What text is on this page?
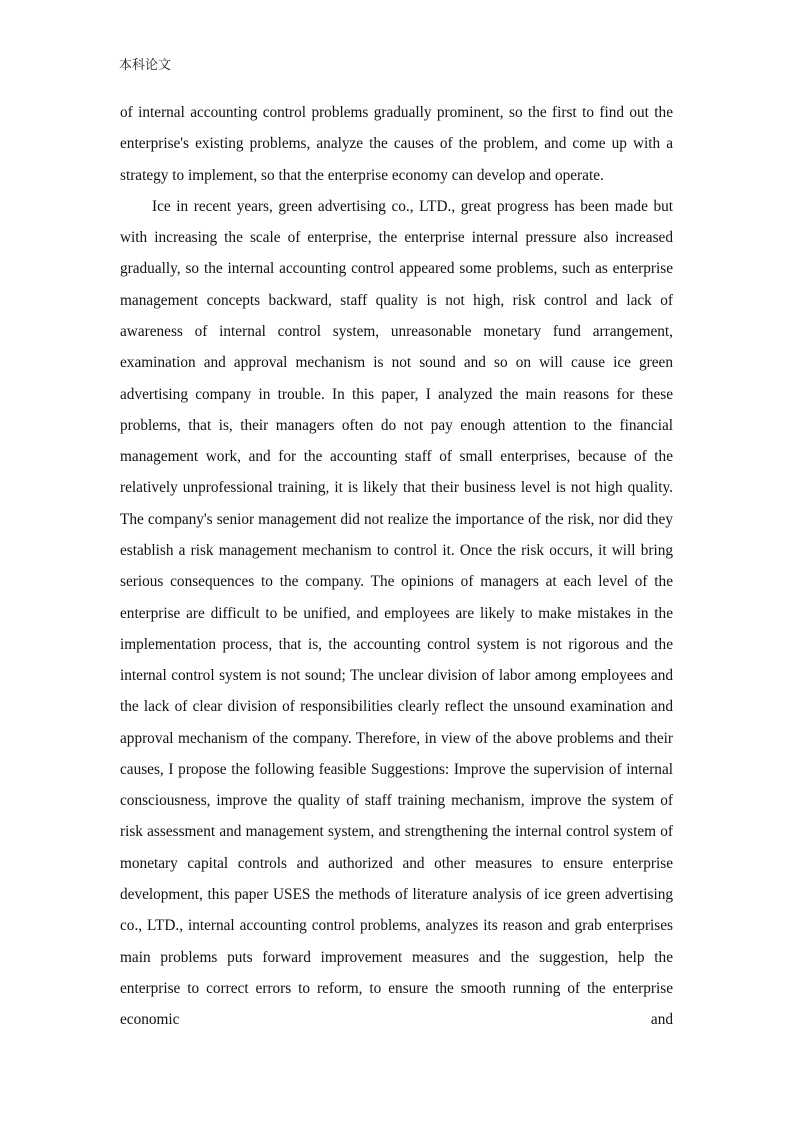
本科论文

of internal accounting control problems gradually prominent, so the first to find out the enterprise's existing problems, analyze the causes of the problem, and come up with a strategy to implement, so that the enterprise economy can develop and operate.

Ice in recent years, green advertising co., LTD., great progress has been made but with increasing the scale of enterprise, the enterprise internal pressure also increased gradually, so the internal accounting control appeared some problems, such as enterprise management concepts backward, staff quality is not high, risk control and lack of awareness of internal control system, unreasonable monetary fund arrangement, examination and approval mechanism is not sound and so on will cause ice green advertising company in trouble. In this paper, I analyzed the main reasons for these problems, that is, their managers often do not pay enough attention to the financial management work, and for the accounting staff of small enterprises, because of the relatively unprofessional training, it is likely that their business level is not high quality. The company's senior management did not realize the importance of the risk, nor did they establish a risk management mechanism to control it. Once the risk occurs, it will bring serious consequences to the company. The opinions of managers at each level of the enterprise are difficult to be unified, and employees are likely to make mistakes in the implementation process, that is, the accounting control system is not rigorous and the internal control system is not sound; The unclear division of labor among employees and the lack of clear division of responsibilities clearly reflect the unsound examination and approval mechanism of the company. Therefore, in view of the above problems and their causes, I propose the following feasible Suggestions: Improve the supervision of internal consciousness, improve the quality of staff training mechanism, improve the system of risk assessment and management system, and strengthening the internal control system of monetary capital controls and authorized and other measures to ensure enterprise development, this paper USES the methods of literature analysis of ice green advertising co., LTD., internal accounting control problems, analyzes its reason and grab enterprises main problems puts forward improvement measures and the suggestion, help the enterprise to correct errors to reform, to ensure the smooth running of the enterprise economic and
